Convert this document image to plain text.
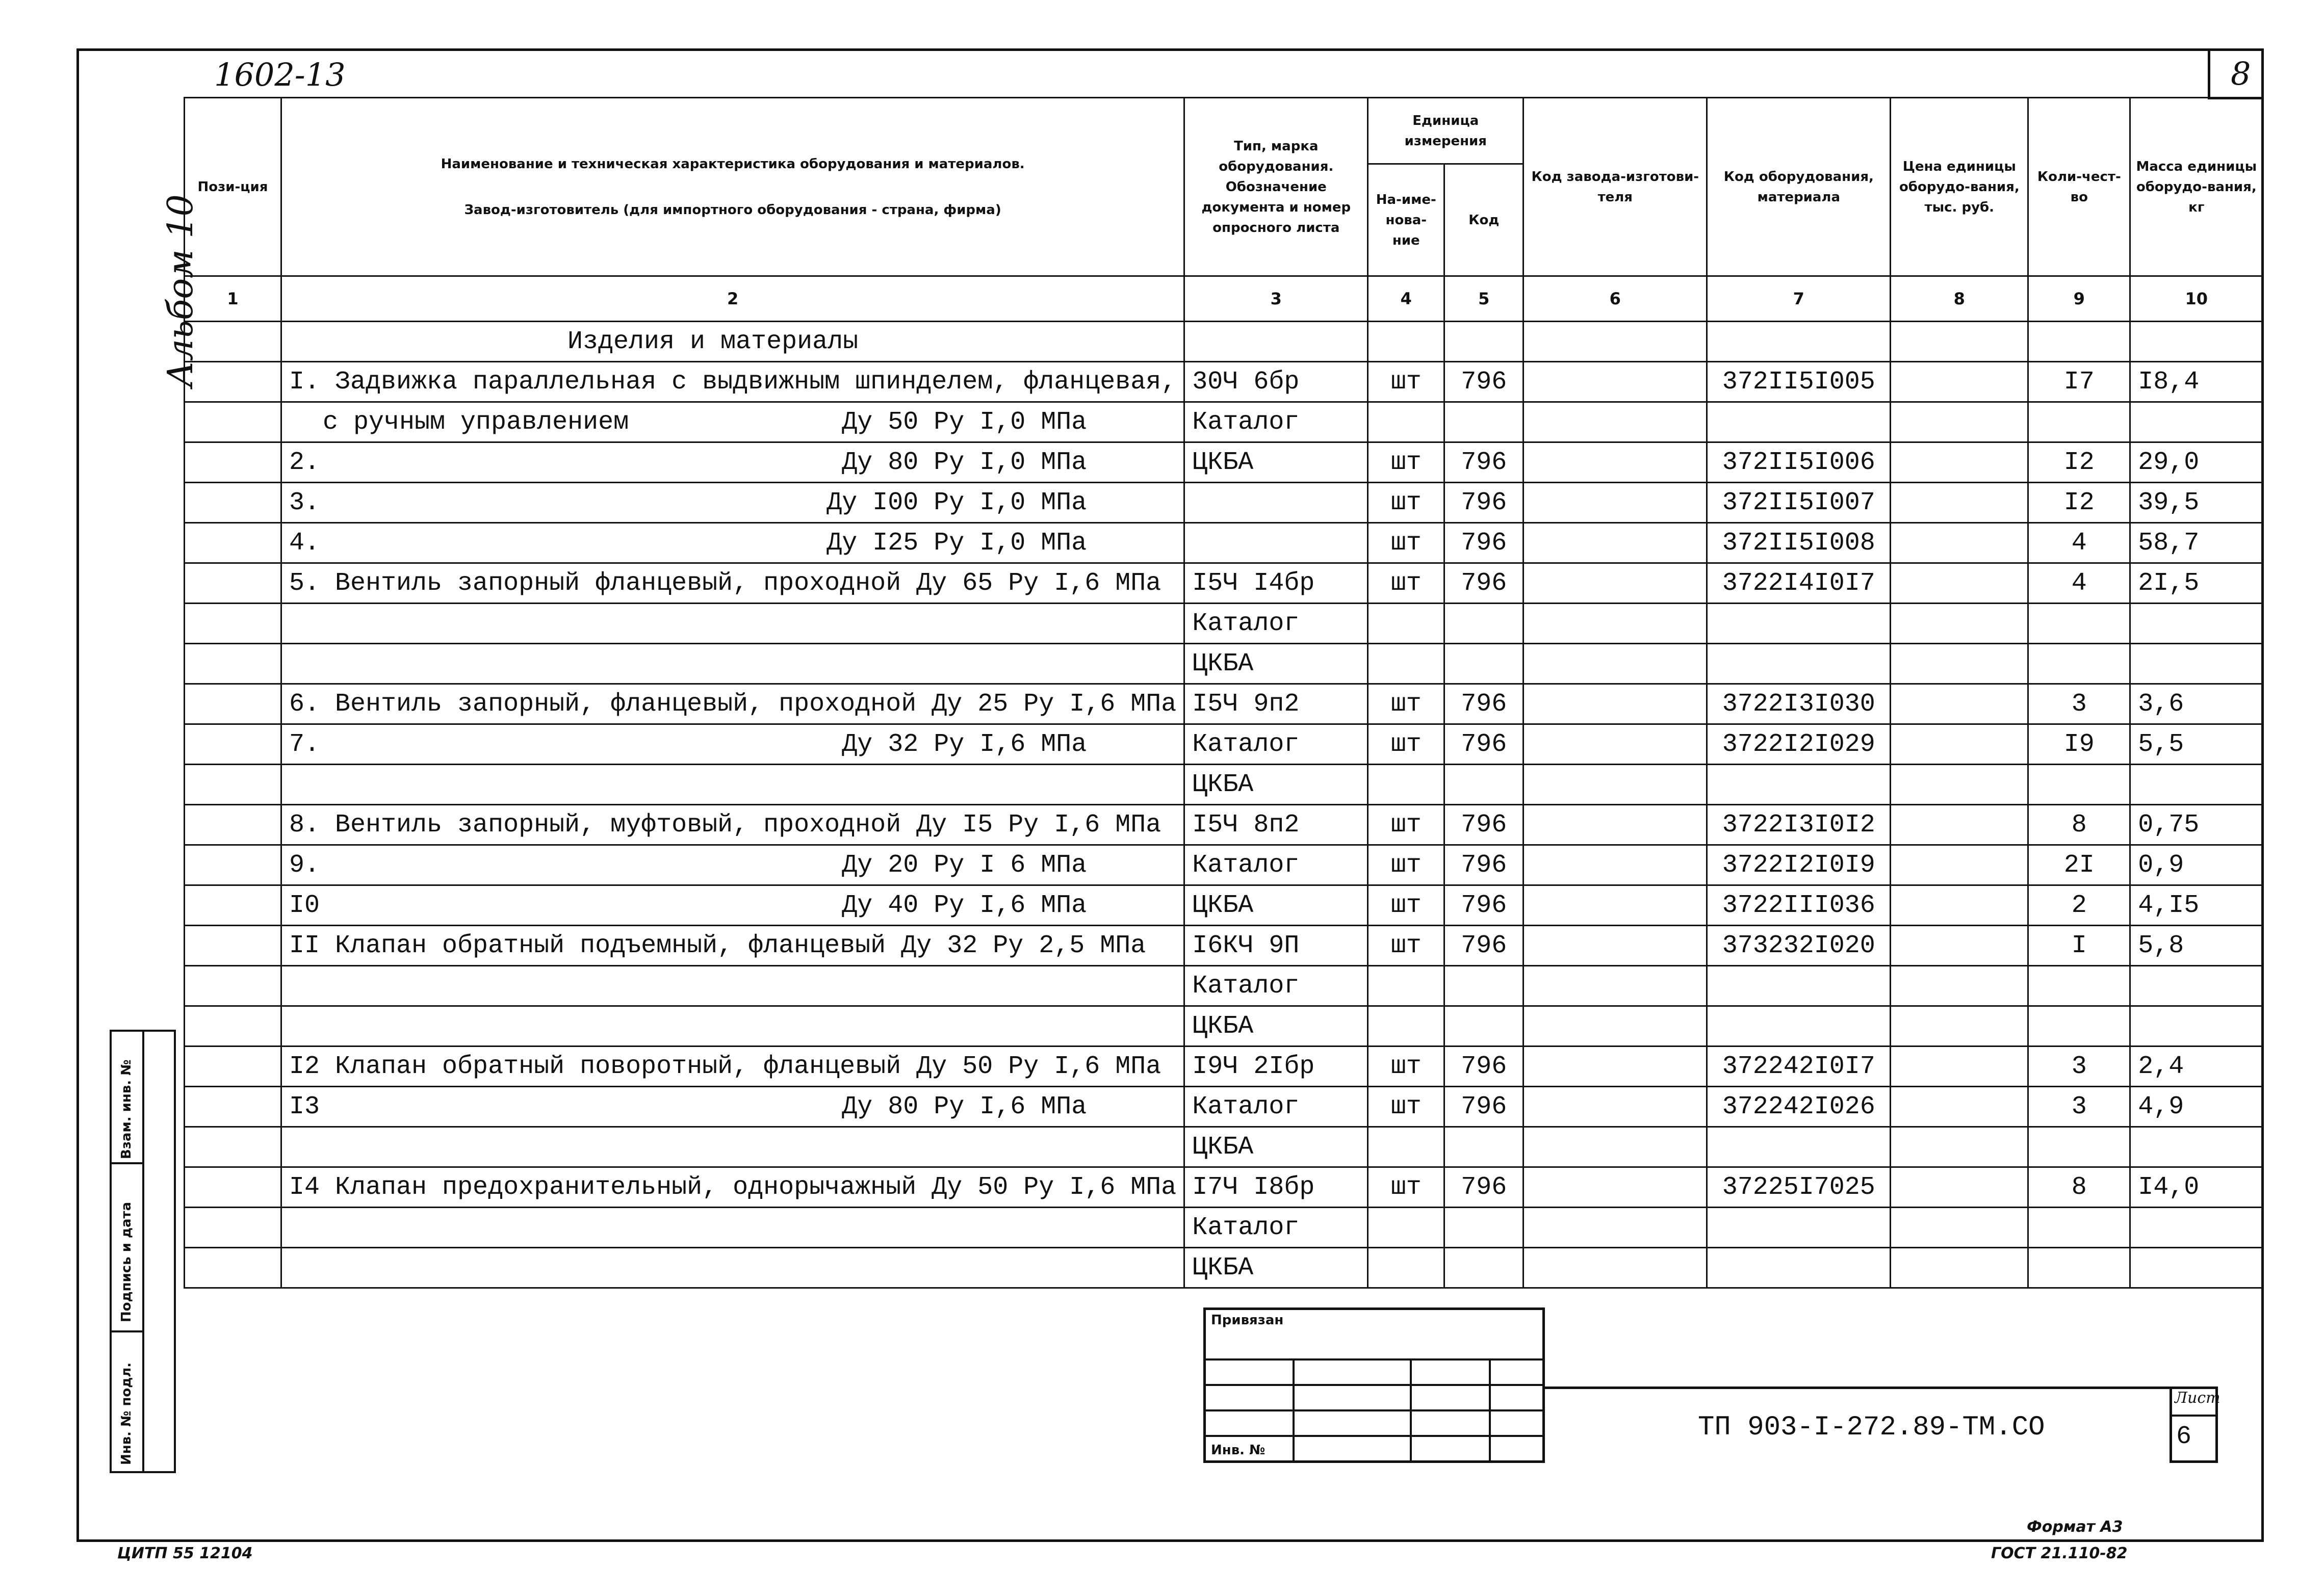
1602-13	8
Альбом 10
Пози-ция	Наименование и техническая характеристика оборудования и материалов.
Завод-изготовитель (для импортного оборудования - страна, фирма)	Тип, марка оборудования. Обозначение документа и номер опросного листа	Единица измерения		Код завода-изготови-теля	Код оборудования, материала	Цена единицы оборудо-вания, тыс. руб.	Коли-чест-во	Масса единицы оборудо-вания, кг
			На-име-нова-ние	Код					
1	2	3	4	5	6	7	8	9	10
	Изделия и материалы

	I. Задвижка параллельная с выдвижным шпинделем, фланцевая,	30Ч 6бр	шт	796		372II5I005		I7	I8,4
	с ручным управлением Ду 50 Ру I,0 МПа	Каталог							
	2. Ду 80 Ру I,0 МПа	ЦКБА	шт	796		372II5I006		I2	29,0
	3. Ду I00 Ру I,0 МПа		шт	796		372II5I007		I2	39,5
	4. Ду I25 Ру I,0 МПа		шт	796		372II5I008		4	58,7
	5. Вентиль запорный фланцевый, проходной Ду 65 Ру I,6 МПа	I5Ч I4бр	шт	796		3722I4I0I7		4	2I,5

	Каталог							

	ЦКБА							
	6. Вентиль запорный, фланцевый, проходной Ду 25 Ру I,6 МПа	I5Ч 9п2	шт	796		3722I3I030		3	3,6
	7. Ду 32 Ру I,6 МПа	Каталог	шт	796		3722I2I029		I9	5,5

	ЦКБА							
	8. Вентиль запорный, муфтовый, проходной Ду I5 Ру I,6 МПа	I5Ч 8п2	шт	796		3722I3I0I2		8	0,75
	9. Ду 20 Ру I 6 МПа	Каталог	шт	796		3722I2I0I9		2I	0,9
	I0 Ду 40 Ру I,6 МПа	ЦКБА	шт	796		3722III036		2	4,I5
	II Клапан обратный подъемный, фланцевый Ду 32 Ру 2,5 МПа	I6КЧ 9П	шт	796		373232I020		I	5,8

	Каталог							

	ЦКБА							
	I2 Клапан обратный поворотный, фланцевый Ду 50 Ру I,6 МПа	I9Ч 2Iбр	шт	796		372242I0I7		3	2,4
	I3 Ду 80 Ру I,6 МПа	Каталог	шт	796		372242I026		3	4,9

	ЦКБА							
	I4 Клапан предохранительный, однорычажный Ду 50 Ру I,6 МПа	I7Ч I8бр	шт	796		37225I7025		8	I4,0

	Каталог							

	ЦКБА							
Взам. инв. №
Подпись и дата
Инв. № подл.
Привязан
Инв. №
ТП 903-I-272.89-ТМ.СО
Лист
6
ЦИТП 55 12104
Формат А3
ГОСТ 21.110-82
